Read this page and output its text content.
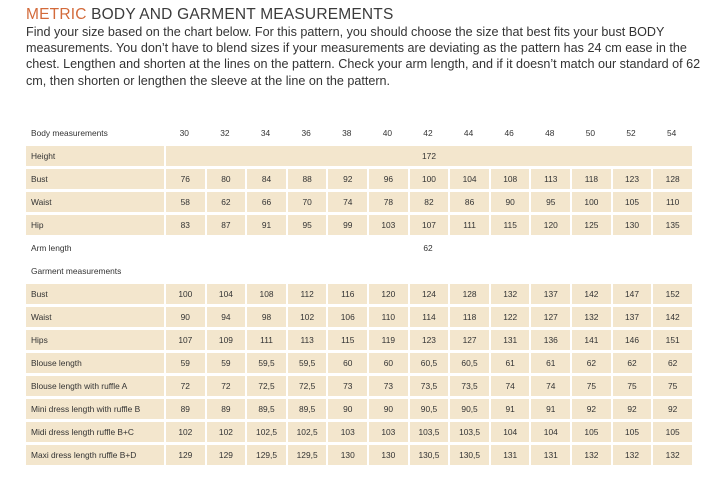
METRIC BODY AND GARMENT MEASUREMENTS
Find your size based on the chart below. For this pattern, you should choose the size that best fits your bust BODY measurements. You don’t have to blend sizes if your measurements are deviating as the pattern has 24 cm ease in the chest. Lengthen and shorten at the lines on the pattern. Check your arm length, and if it doesn’t match our standard of 62 cm, then shorten or lengthen the sleeve at the line on the pattern.
Body measurements	30	32	34	36	38	40	42	44	46	48	50	52	54
Height	172												
Bust	76	80	84	88	92	96	100	104	108	113	118	123	128
Waist	58	62	66	70	74	78	82	86	90	95	100	105	110
Hip	83	87	91	95	99	103	107	111	115	120	125	130	135
Arm length	62												
Garment measurements													
Bust	100	104	108	112	116	120	124	128	132	137	142	147	152
Waist	90	94	98	102	106	110	114	118	122	127	132	137	142
Hips	107	109	111	113	115	119	123	127	131	136	141	146	151
Blouse length	59	59	59,5	59,5	60	60	60,5	60,5	61	61	62	62	62
Blouse length with ruffle A	72	72	72,5	72,5	73	73	73,5	73,5	74	74	75	75	75
Mini dress length with ruffle B	89	89	89,5	89,5	90	90	90,5	90,5	91	91	92	92	92
Midi dress length ruffle B+C	102	102	102,5	102,5	103	103	103,5	103,5	104	104	105	105	105
Maxi dress length ruffle B+D	129	129	129,5	129,5	130	130	130,5	130,5	131	131	132	132	132
